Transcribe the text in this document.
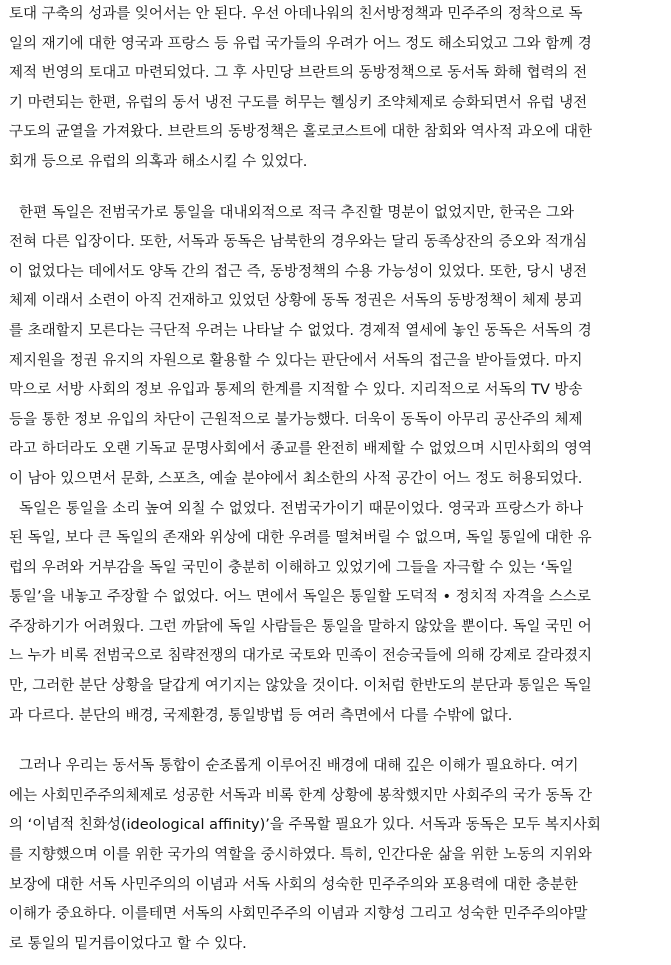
토대 구축의 성과를 잊어서는 안 된다. 우선 아데나워의 친서방정책과 민주주의 정착으로 독
일의 재기에 대한 영국과 프랑스 등 유럽 국가들의 우려가 어느 정도 해소되었고 그와 함께 경
제적 번영의 토대고 마련되었다. 그 후 사민당 브란트의 동방정책으로 동서독 화해 협력의 전
기 마련되는 한편, 유럽의 동서 냉전 구도를 허무는 헬싱키 조약체제로 승화되면서 유럽 냉전
구도의 균열을 가져왔다. 브란트의 동방정책은 홀로코스트에 대한 참회와 역사적 과오에 대한
회개 등으로 유럽의 의혹과 해소시킬 수 있었다.
한편 독일은 전범국가로 통일을 대내외적으로 적극 추진할 명분이 없었지만, 한국은 그와
전혀 다른 입장이다. 또한, 서독과 동독은 남북한의 경우와는 달리 동족상잔의 증오와 적개심
이 없었다는 데에서도 양독 간의 접근 즉, 동방정책의 수용 가능성이 있었다. 또한, 당시 냉전
체제 이래서 소련이 아직 건재하고 있었던 상황에 동독 정권은 서독의 동방정책이 체제 붕괴
를 초래할지 모른다는 극단적 우려는 나타날 수 없었다. 경제적 열세에 놓인 동독은 서독의 경
제지원을 정권 유지의 자원으로 활용할 수 있다는 판단에서 서독의 접근을 받아들였다. 마지
막으로 서방 사회의 정보 유입과 통제의 한계를 지적할 수 있다. 지리적으로 서독의 TV 방송
등을 통한 정보 유입의 차단이 근원적으로 불가능했다. 더욱이 동독이 아무리 공산주의 체제
라고 하더라도 오랜 기독교 문명사회에서 종교를 완전히 배제할 수 없었으며 시민사회의 영역
이 남아 있으면서 문화, 스포츠, 예술 분야에서 최소한의 사적 공간이 어느 정도 허용되었다.
독일은 통일을 소리 높여 외칠 수 없었다. 전범국가이기 때문이었다. 영국과 프랑스가 하나
된 독일, 보다 큰 독일의 존재와 위상에 대한 우려를 떨쳐버릴 수 없으며, 독일 통일에 대한 유
럽의 우려와 거부감을 독일 국민이 충분히 이해하고 있었기에 그들을 자극할 수 있는 ‘독일
통일’을 내놓고 주장할 수 없었다. 어느 면에서 독일은 통일할 도덕적 • 정치적 자격을 스스로
주장하기가 어려웠다. 그런 까닭에 독일 사람들은 통일을 말하지 않았을 뿐이다. 독일 국민 어
느 누가 비록 전범국으로 침략전쟁의 대가로 국토와 민족이 전승국들에 의해 강제로 갈라졌지
만, 그러한 분단 상황을 달갑게 여기지는 않았을 것이다. 이처럼 한반도의 분단과 통일은 독일
과 다르다. 분단의 배경, 국제환경, 통일방법 등 여러 측면에서 다를 수밖에 없다.
그러나 우리는 동서독 통합이 순조롭게 이루어진 배경에 대해 깊은 이해가 필요하다. 여기
에는 사회민주주의체제로 성공한 서독과 비록 한계 상황에 봉착했지만 사회주의 국가 동독 간
의 ‘이념적 친화성(ideological affinity)’을 주목할 필요가 있다. 서독과 동독은 모두 복지사회
를 지향했으며 이를 위한 국가의 역할을 중시하였다. 특히, 인간다운 삶을 위한 노동의 지위와
보장에 대한 서독 사민주의의 이념과 서독 사회의 성숙한 민주주의와 포용력에 대한 충분한
이해가 중요하다. 이를테면 서독의 사회민주주의 이념과 지향성 그리고 성숙한 민주주의야말
로 통일의 밑거름이었다고 할 수 있다.
